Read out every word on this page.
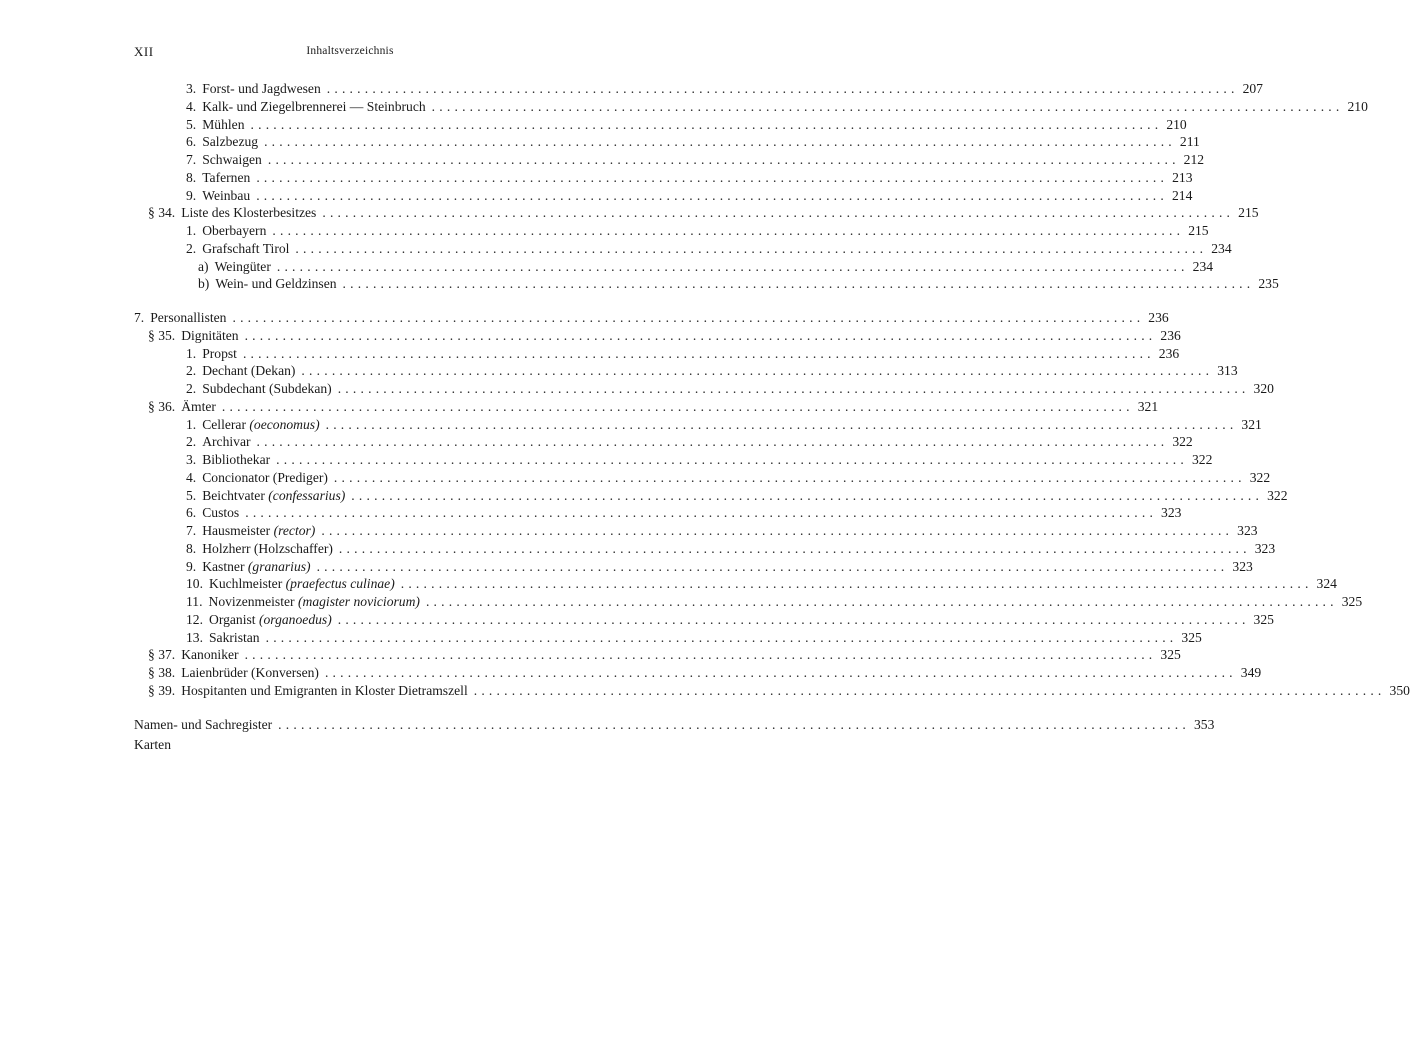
XII	Inhaltsverzeichnis
3. Forst- und Jagdwesen ........................................................................................................................ 207
4. Kalk- und Ziegelbrennerei — Steinbruch ........................................................................................................................ 210
5. Mühlen ........................................................................................................................ 210
6. Salzbezug ........................................................................................................................ 211
7. Schwaigen ........................................................................................................................ 212
8. Tafernen ........................................................................................................................ 213
9. Weinbau ........................................................................................................................ 214
§ 34. Liste des Klosterbesitzes ........................................................................................................................ 215
1. Oberbayern ........................................................................................................................ 215
2. Grafschaft Tirol ........................................................................................................................ 234
a) Weingüter ........................................................................................................................ 234
b) Wein- und Geldzinsen ........................................................................................................................ 235
7. Personallisten ........................................................................................................................ 236
§ 35. Dignitäten ........................................................................................................................ 236
1. Propst ........................................................................................................................ 236
2. Dechant (Dekan) ........................................................................................................................ 313
2. Subdechant (Subdekan) ........................................................................................................................ 320
§ 36. Ämter ........................................................................................................................ 321
1. Cellerar (oeconomus) ........................................................................................................................ 321
2. Archivar ........................................................................................................................ 322
3. Bibliothekar ........................................................................................................................ 322
4. Concionator (Prediger) ........................................................................................................................ 322
5. Beichtvater (confessarius) ........................................................................................................................ 322
6. Custos ........................................................................................................................ 323
7. Hausmeister (rector) ........................................................................................................................ 323
8. Holzherr (Holzschaffer) ........................................................................................................................ 323
9. Kastner (granarius) ........................................................................................................................ 323
10. Kuchlmeister (praefectus culinae) ........................................................................................................................ 324
11. Novizenmeister (magister noviciorum) ........................................................................................................................ 325
12. Organist (organoedus) ........................................................................................................................ 325
13. Sakristan ........................................................................................................................ 325
§ 37. Kanoniker ........................................................................................................................ 325
§ 38. Laienbrüder (Konversen) ........................................................................................................................ 349
§ 39. Hospitanten und Emigranten in Kloster Dietramszell ........................................................................................................................ 350
Namen- und Sachregister ........................................................................................................................ 353
Karten
